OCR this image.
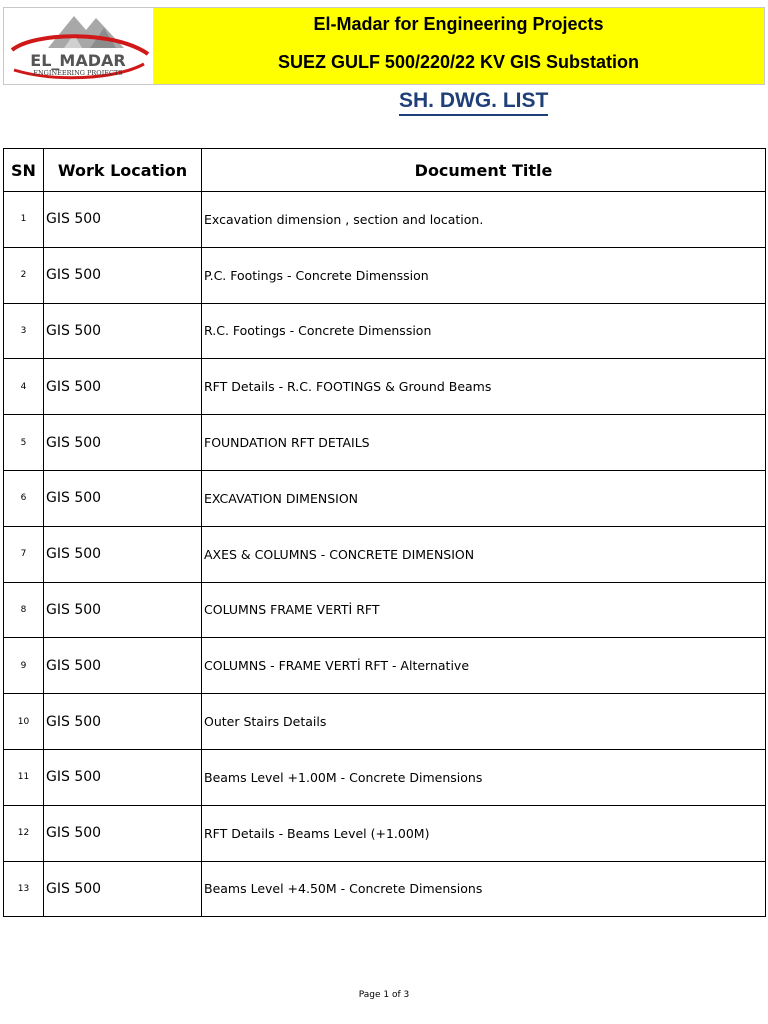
EL_MADAR
ENGINEERING PROJECTS
El-Madar for Engineering Projects
SUEZ GULF 500/220/22 KV GIS Substation
SH. DWG. LIST
SN	Work Location	Document Title
1	GIS 500	Excavation dimension , section and location.
2	GIS 500	P.C. Footings - Concrete Dimenssion
3	GIS 500	R.C. Footings - Concrete Dimenssion
4	GIS 500	RFT Details - R.C. FOOTINGS & Ground Beams
5	GIS 500	FOUNDATION RFT DETAILS
6	GIS 500	EXCAVATION DIMENSION
7	GIS 500	AXES & COLUMNS - CONCRETE DIMENSION
8	GIS 500	COLUMNS FRAME VERTİ RFT
9	GIS 500	COLUMNS - FRAME VERTİ RFT - Alternative
10	GIS 500	Outer Stairs Details
11	GIS 500	Beams Level +1.00M - Concrete Dimensions
12	GIS 500	RFT Details - Beams Level (+1.00M)
13	GIS 500	Beams Level +4.50M - Concrete Dimensions
Page 1 of 3
